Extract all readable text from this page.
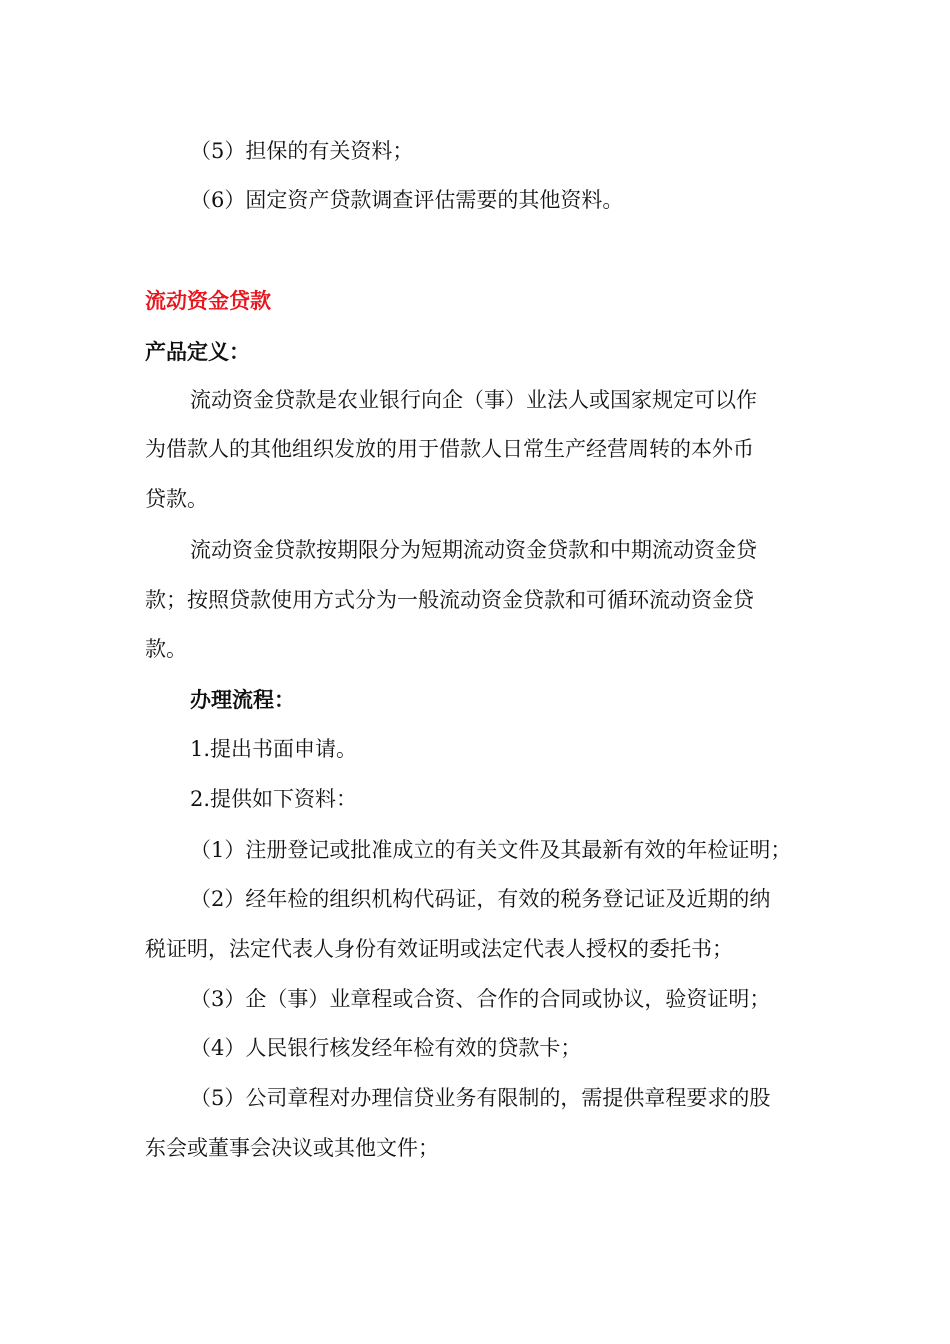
（5）担保的有关资料；
（6）固定资产贷款调查评估需要的其他资料。
流动资金贷款
产品定义：
流动资金贷款是农业银行向企（事）业法人或国家规定可以作
为借款人的其他组织发放的用于借款人日常生产经营周转的本外币
贷款。
流动资金贷款按期限分为短期流动资金贷款和中期流动资金贷
款；按照贷款使用方式分为一般流动资金贷款和可循环流动资金贷
款。
办理流程：
1.提出书面申请。
2.提供如下资料：
（1）注册登记或批准成立的有关文件及其最新有效的年检证明；
（2）经年检的组织机构代码证，有效的税务登记证及近期的纳
税证明，法定代表人身份有效证明或法定代表人授权的委托书；
（3）企（事）业章程或合资、合作的合同或协议，验资证明；
（4）人民银行核发经年检有效的贷款卡；
（5）公司章程对办理信贷业务有限制的，需提供章程要求的股
东会或董事会决议或其他文件；
